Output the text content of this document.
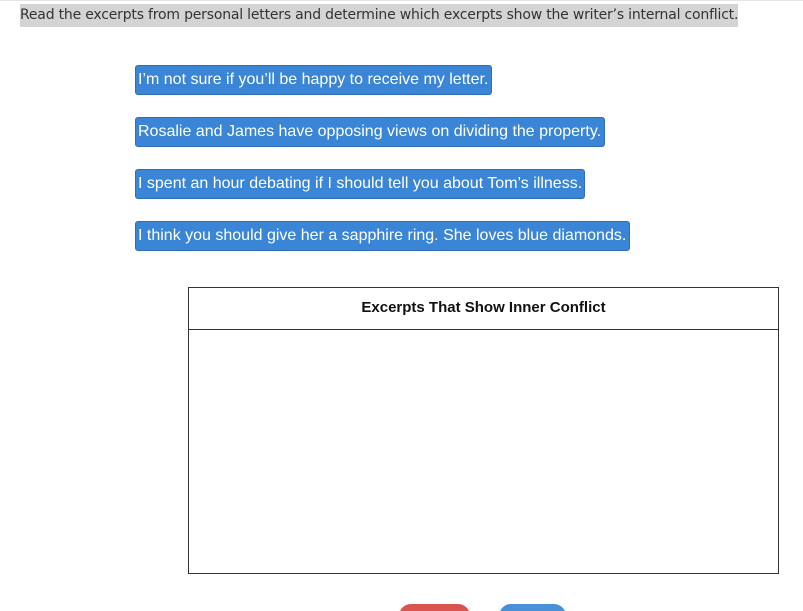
Read the excerpts from personal letters and determine which excerpts show the writer’s internal conflict.
I’m not sure if you’ll be happy to receive my letter.
Rosalie and James have opposing views on dividing the property.
I spent an hour debating if I should tell you about Tom’s illness.
I think you should give her a sapphire ring. She loves blue diamonds.
Excerpts That Show Inner Conflict
